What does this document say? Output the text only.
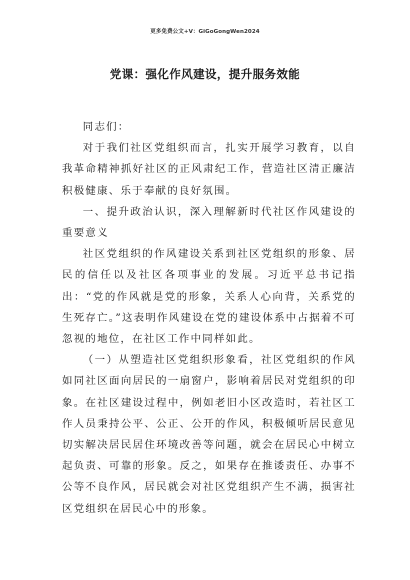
更多免费公文+V：GiGoGongWen2024
党课：强化作风建设，提升服务效能

同志们：

对于我们社区党组织而言，扎实开展学习教育，以自我革命精神抓好社区的正风肃纪工作，营造社区清正廉洁积极健康、乐于奉献的良好氛围。

一、提升政治认识，深入理解新时代社区作风建设的重要意义

社区党组织的作风建设关系到社区党组织的形象、居民的信任以及社区各项事业的发展。习近平总书记指出：“党的作风就是党的形象，关系人心向背，关系党的生死存亡。”这表明作风建设在党的建设体系中占据着不可忽视的地位，在社区工作中同样如此。

（一）从塑造社区党组织形象看，社区党组织的作风如同社区面向居民的一扇窗户，影响着居民对党组织的印象。在社区建设过程中，例如老旧小区改造时，若社区工作人员秉持公平、公正、公开的作风，积极倾听居民意见切实解决居民居住环境改善等问题，就会在居民心中树立起负责、可靠的形象。反之，如果存在推诿责任、办事不公等不良作风，居民就会对社区党组织产生不满，损害社区党组织在居民心中的形象。
